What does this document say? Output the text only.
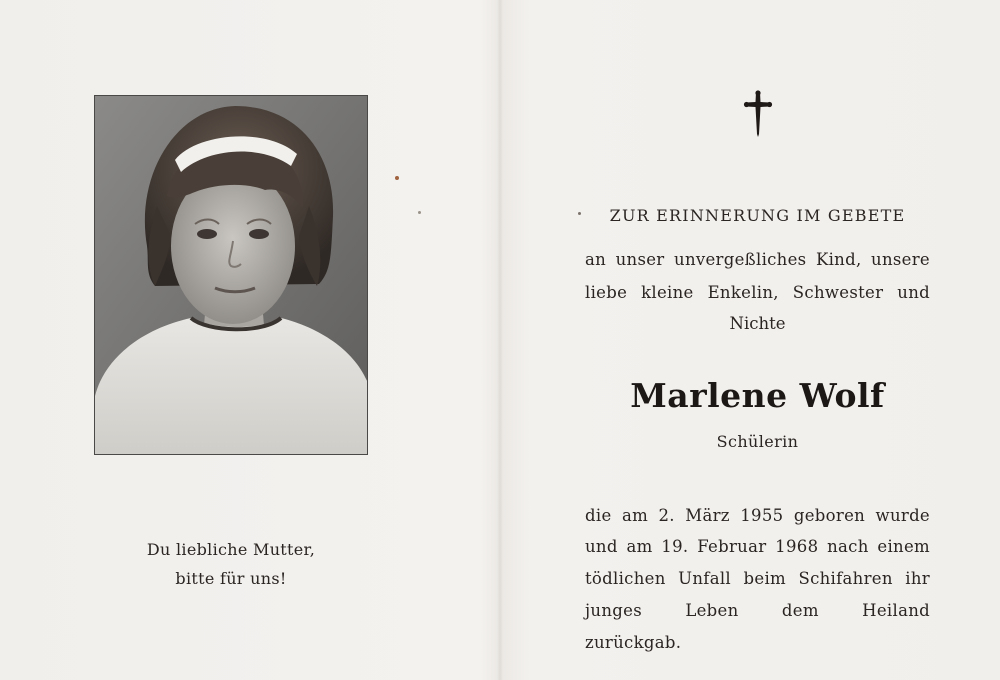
Du liebliche Mutter,
bitte für uns!
ZUR ERINNERUNG IM GEBETE
an unser unvergeßliches Kind, unsere
liebe kleine Enkelin, Schwester und
Nichte
Marlene Wolf
Schülerin
die am 2. März 1955 geboren wurde
und am 19. Februar 1968 nach einem
tödlichen Unfall beim Schifahren ihr
junges Leben dem Heiland zurückgab.
